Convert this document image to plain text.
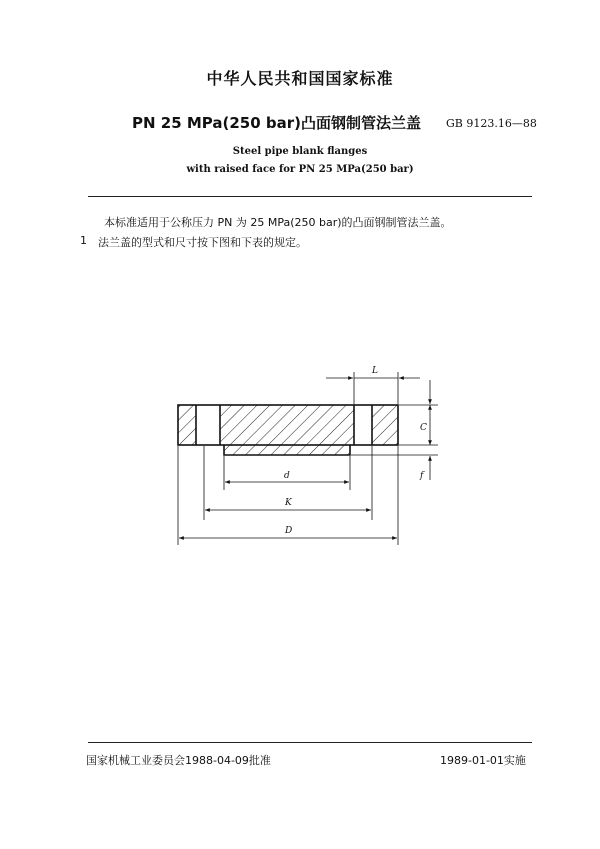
中华人民共和国国家标准
PN 25 MPa(250 bar)凸面钢制管法兰盖 GB 9123.16—88
Steel pipe blank flanges
with raised face for PN 25 MPa(250 bar)
本标准适用于公称压力 PN 为 25 MPa(250 bar)的凸面钢制管法兰盖。
1 法兰盖的型式和尺寸按下图和下表的规定。
L
C
f
d
K
D
国家机械工业委员会1988-04-09批准	1989-01-01实施
